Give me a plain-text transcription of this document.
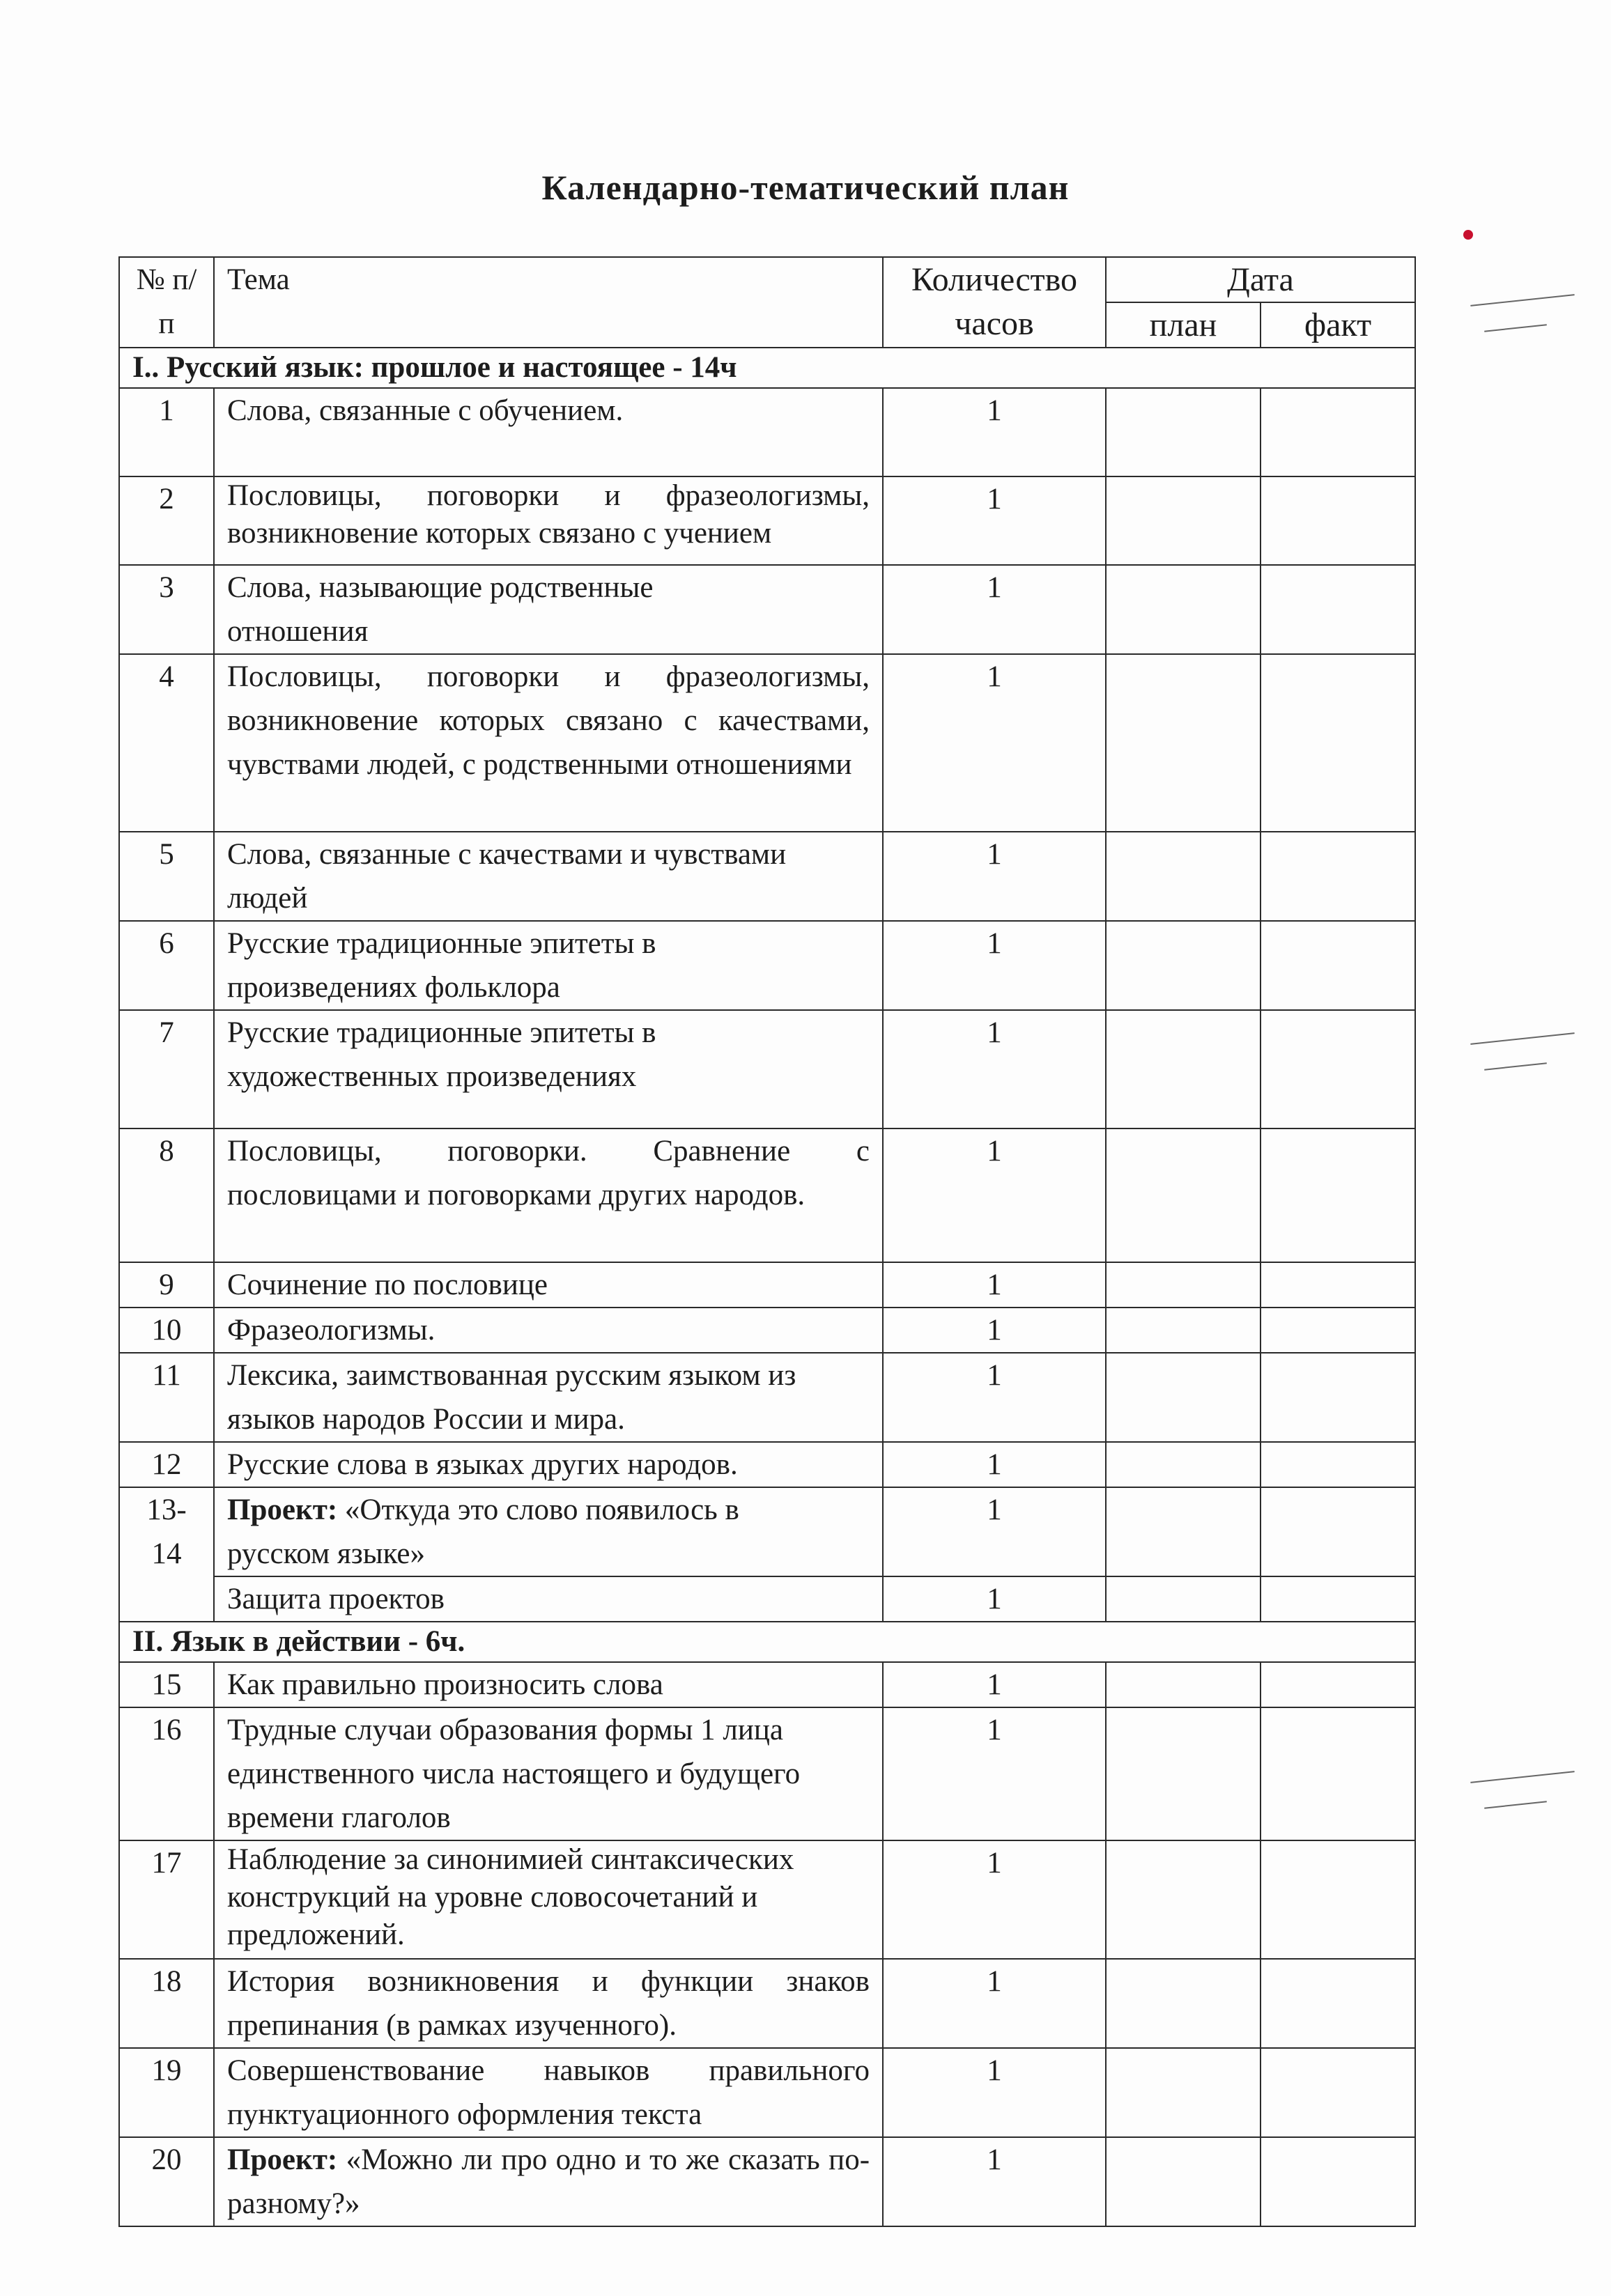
Календарно-тематический план
№ п/п	Тема	Количество часов	Дата	
			план	факт
I.. Русский язык: прошлое и настоящее - 14ч				
1	Слова, связанные с обучением.	1		
2	Пословицы, поговорки и фразеологизмы, возникновение которых связано с учением	1		
3	Слова, называющие родственные отношения	1		
4	Пословицы, поговорки и фразеологизмы, возникновение которых связано с качествами, чувствами людей, с родственными отношениями	1		
5	Слова, связанные с качествами и чувствами людей	1		
6	Русские традиционные эпитеты в произведениях фольклора	1		
7	Русские традиционные эпитеты в художественных произведениях	1		
8	Пословицы, поговорки. Сравнение с пословицами и поговорками других народов.	1		
9	Сочинение по пословице	1		
10	Фразеологизмы.	1		
11	Лексика, заимствованная русским языком из языков народов России и мира.	1		
12	Русские слова в языках других народов.	1		
13-14	Проект: «Откуда это слово появилось в русском языке»	1		
	Защита проектов	1		
II. Язык в действии - 6ч.				
15	Как правильно произносить слова	1		
16	Трудные случаи образования формы 1 лица единственного числа настоящего и будущего времени глаголов	1		
17	Наблюдение за синонимией синтаксических конструкций на уровне словосочетаний и предложений.	1		
18	История возникновения и функции знаков препинания (в рамках изученного).	1		
19	Совершенствование навыков правильного пунктуационного оформления текста	1		
20	Проект: «Можно ли про одно и то же сказать по-разному?»	1		
